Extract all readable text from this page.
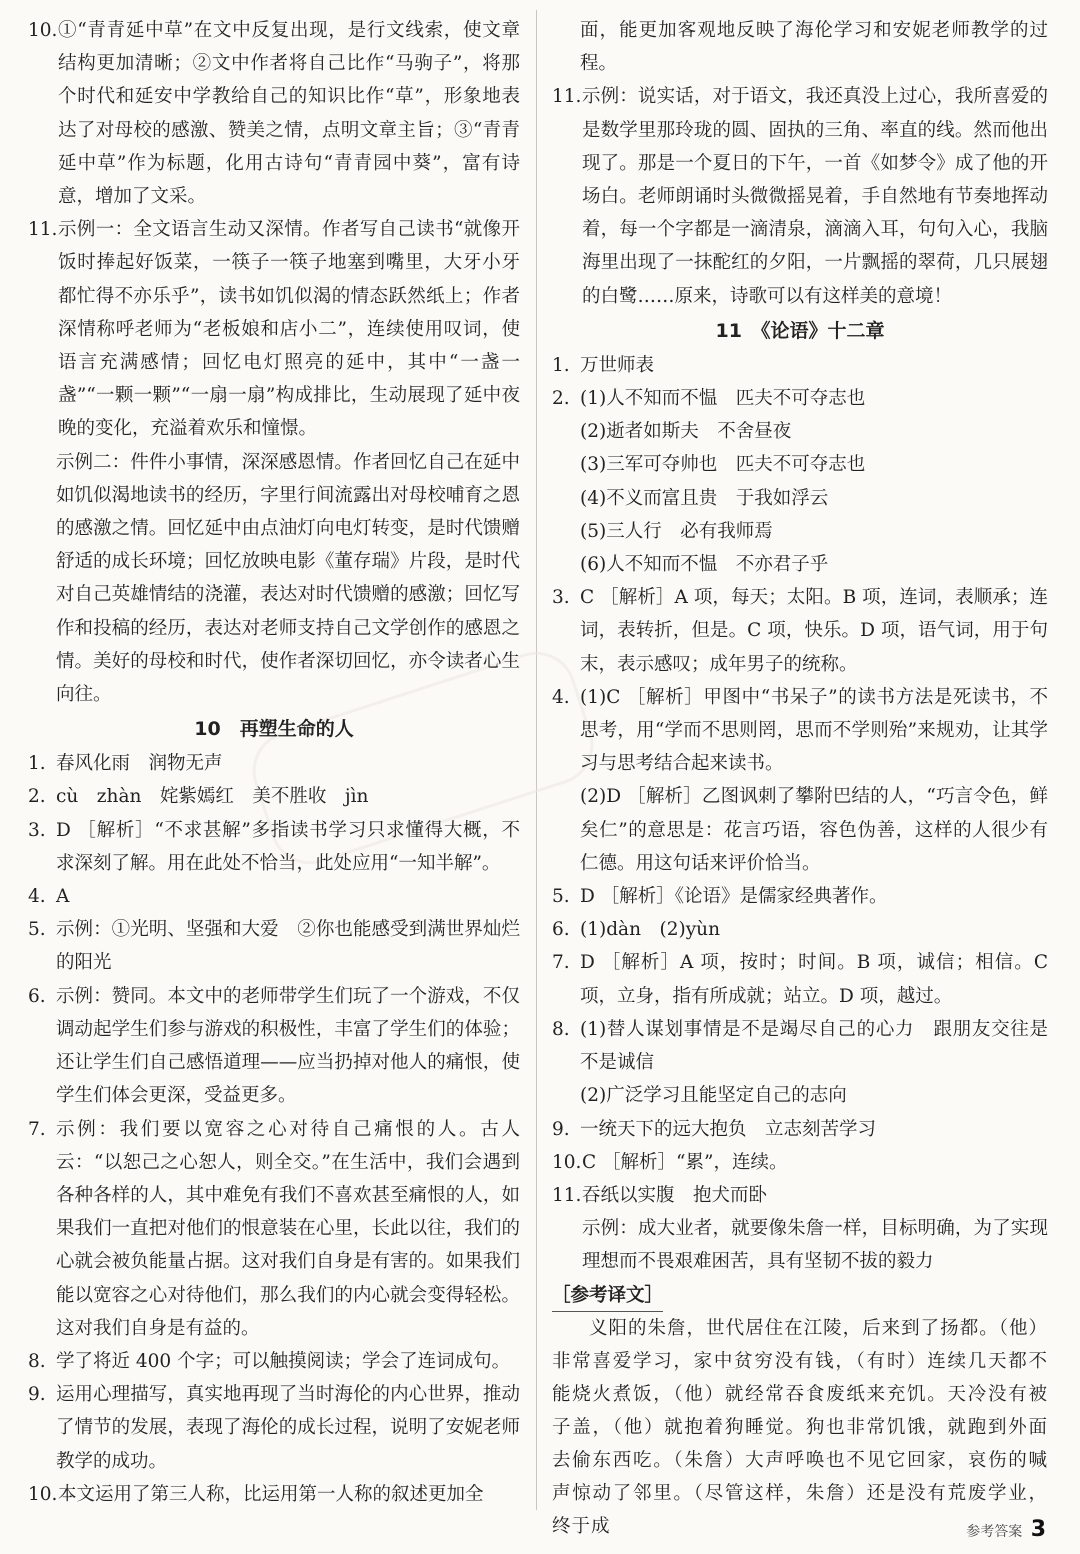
10. ①“青青延中草”在文中反复出现，是行文线索，使文章结构更加清晰；②文中作者将自己比作“马驹子”，将那个时代和延安中学教给自己的知识比作“草”，形象地表达了对母校的感激、赞美之情，点明文章主旨；③“青青延中草”作为标题，化用古诗句“青青园中葵”，富有诗意，增加了文采。
11. 示例一：全文语言生动又深情。作者写自己读书“就像开饭时捧起好饭菜，一筷子一筷子地塞到嘴里，大牙小牙都忙得不亦乐乎”，读书如饥似渴的情态跃然纸上；作者深情称呼老师为“老板娘和店小二”，连续使用叹词，使语言充满感情；回忆电灯照亮的延中，其中“一盏一盏”“一颗一颗”“一扇一扇”构成排比，生动展现了延中夜晚的变化，充溢着欢乐和憧憬。
示例二：件件小事情，深深感恩情。作者回忆自己在延中如饥似渴地读书的经历，字里行间流露出对母校哺育之恩的感激之情。回忆延中由点油灯向电灯转变，是时代馈赠舒适的成长环境；回忆放映电影《董存瑞》片段，是时代对自己英雄情结的浇灌，表达对时代馈赠的感激；回忆写作和投稿的经历，表达对老师支持自己文学创作的感恩之情。美好的母校和时代，使作者深切回忆，亦令读者心生向往。
10　再塑生命的人
1. 春风化雨　润物无声
2. cù　zhàn　姹紫嫣红　美不胜收　jìn
3. D ［解析］“不求甚解”多指读书学习只求懂得大概，不求深刻了解。用在此处不恰当，此处应用“一知半解”。
4. A
5. 示例：①光明、坚强和大爱　②你也能感受到满世界灿烂的阳光
6. 示例：赞同。本文中的老师带学生们玩了一个游戏，不仅调动起学生们参与游戏的积极性，丰富了学生们的体验；还让学生们自己感悟道理——应当扔掉对他人的痛恨，使学生们体会更深，受益更多。
7. 示例：我们要以宽容之心对待自己痛恨的人。古人云：“以恕己之心恕人，则全交。”在生活中，我们会遇到各种各样的人，其中难免有我们不喜欢甚至痛恨的人，如果我们一直把对他们的恨意装在心里，长此以往，我们的心就会被负能量占据。这对我们自身是有害的。如果我们能以宽容之心对待他们，那么我们的内心就会变得轻松。这对我们自身是有益的。
8. 学了将近 400 个字；可以触摸阅读；学会了连词成句。
9. 运用心理描写，真实地再现了当时海伦的内心世界，推动了情节的发展，表现了海伦的成长过程，说明了安妮老师教学的成功。
10. 本文运用了第三人称，比运用第一人称的叙述更加全
面，能更加客观地反映了海伦学习和安妮老师教学的过程。
11. 示例：说实话，对于语文，我还真没上过心，我所喜爱的是数学里那玲珑的圆、固执的三角、率直的线。然而他出现了。那是一个夏日的下午，一首《如梦令》成了他的开场白。老师朗诵时头微微摇晃着，手自然地有节奏地挥动着，每一个字都是一滴清泉，滴滴入耳，句句入心，我脑海里出现了一抹酡红的夕阳，一片飘摇的翠荷，几只展翅的白鹭……原来，诗歌可以有这样美的意境！
11　《论语》十二章
1. 万世师表
2. (1)人不知而不愠　匹夫不可夺志也
(2)逝者如斯夫　不舍昼夜
(3)三军可夺帅也　匹夫不可夺志也
(4)不义而富且贵　于我如浮云
(5)三人行　必有我师焉
(6)人不知而不愠　不亦君子乎
3. C ［解析］A 项，每天；太阳。B 项，连词，表顺承；连词，表转折，但是。C 项，快乐。D 项，语气词，用于句末，表示感叹；成年男子的统称。
4. (1)C ［解析］甲图中“书呆子”的读书方法是死读书，不思考，用“学而不思则罔，思而不学则殆”来规劝，让其学习与思考结合起来读书。
(2)D ［解析］乙图讽刺了攀附巴结的人，“巧言令色，鲜矣仁”的意思是：花言巧语，容色伪善，这样的人很少有仁德。用这句话来评价恰当。
5. D ［解析］《论语》是儒家经典著作。
6. (1)dàn　(2)yùn
7. D ［解析］A 项，按时；时间。B 项，诚信；相信。C 项，立身，指有所成就；站立。D 项，越过。
8. (1)替人谋划事情是不是竭尽自己的心力　跟朋友交往是不是诚信
(2)广泛学习且能坚定自己的志向
9. 一统天下的远大抱负　立志刻苦学习
10. C ［解析］“累”，连续。
11. 吞纸以实腹　抱犬而卧
示例：成大业者，就要像朱詹一样，目标明确，为了实现理想而不畏艰难困苦，具有坚韧不拔的毅力
［参考译文］
义阳的朱詹，世代居住在江陵，后来到了扬都。（他）非常喜爱学习，家中贫穷没有钱，（有时）连续几天都不能烧火煮饭，（他）就经常吞食废纸来充饥。天冷没有被子盖，（他）就抱着狗睡觉。狗也非常饥饿，就跑到外面去偷东西吃。（朱詹）大声呼唤也不见它回家，哀伤的喊声惊动了邻里。（尽管这样，朱詹）还是没有荒废学业，终于成	参考答案 3
